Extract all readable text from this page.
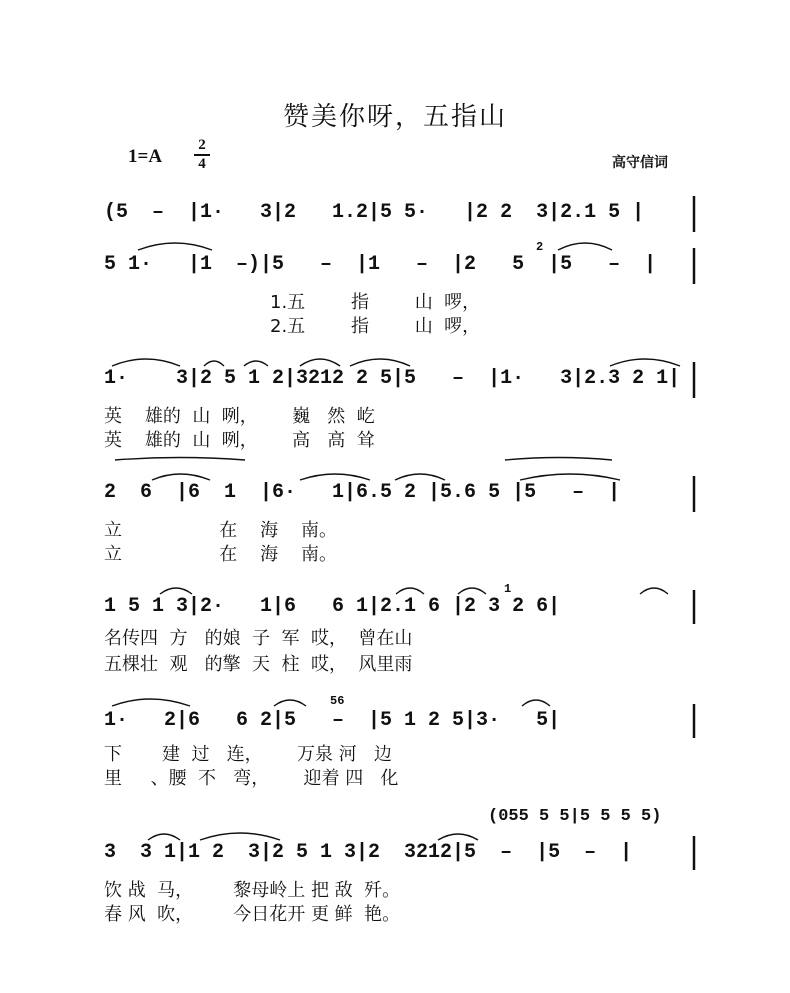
赞美你呀，五指山
1=A
2
4	高守信词
(5  –  |1·   3|2   1.2|5 5·   |2 2  3|2.1 5 |
5 1·   |1  –)|5   –  |1   –  |2   5  |5   –  |
1.五        指        山  啰，
2.五        指        山  啰，
1·    3|2 5 1 2|3212 2 5|5   –  |1·   3|2.3 2 1|
英    雄的  山  咧，      巍   然  屹
英    雄的  山  咧，      高   高  耸
2  6  |6  1  |6·   1|6.5 2 |5.6 5 |5   –  |
立                 在    海    南。
立                 在    海    南。
1 5 1 3|2·   1|6   6 1|2.1 6 |2 3 2 6|
名传四  方   的娘  子  军  哎，  曾在山
五棵壮  观   的擎  天  柱  哎，  风里雨
1·   2|6   6 2|5   –  |5 1 2 5|3·   5|
下       建  过   连，      万泉 河   边
里     、腰  不   弯，      迎着 四   化
(055 5 5|5 5 5 5)
3  3 1|1 2  3|2 5 1 3|2  3212|5  –  |5  –  |
饮 战  马，       黎母岭上 把 敌  歼。
春 风  吹，       今日花开 更 鲜  艳。
2
1
56
